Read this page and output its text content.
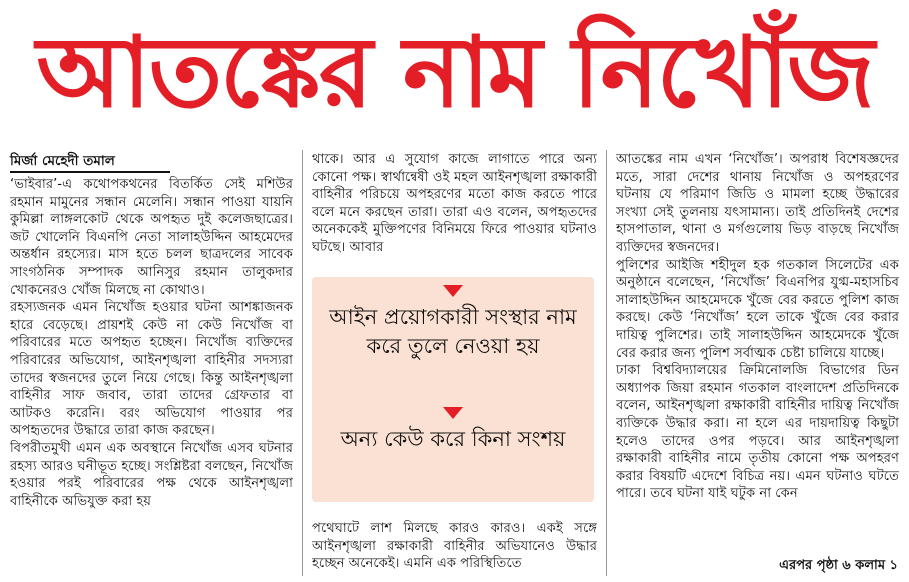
আতঙ্কের নাম নিখোঁজ
মির্জা মেহেদী তমাল

‘ভাইবার’-এ কথোপকথনের বিতর্কিত সেই মশিউর রহমান মামুনের সন্ধান মেলেনি। সন্ধান পাওয়া যায়নি কুমিল্লা লাঙ্গলকোট থেকে অপহৃত দুই কলেজছাত্রের। জট খোলেনি বিএনপি নেতা সালাহউদ্দিন আহমেদের অন্তর্ধান রহস্যের। মাস হতে চলল ছাত্রদলের সাবেক সাংগঠনিক সম্পাদক আনিসুর রহমান তালুকদার খোকনেরও খোঁজ মিলছে না কোথাও।

রহস্যজনক এমন নিখোঁজ হওয়ার ঘটনা আশঙ্কাজনক হারে বেড়েছে। প্রায়শই কেউ না কেউ নিখোঁজ বা পরিবারের মতে অপহৃত হচ্ছেন। নিখোঁজ ব্যক্তিদের পরিবারের অভিযোগ, আইনশৃঙ্খলা বাহিনীর সদস্যরা তাদের স্বজনদের তুলে নিয়ে গেছে। কিন্তু আইনশৃঙ্খলা বাহিনীর সাফ জবাব, তারা তাদের গ্রেফতার বা আটকও করেনি। বরং অভিযোগ পাওয়ার পর অপহৃতদের উদ্ধারে তারা কাজ করছেন।

বিপরীতমুখী এমন এক অবস্থানে নিখোঁজ এসব ঘটনার রহস্য আরও ঘনীভূত হচ্ছে। সংশ্লিষ্টরা বলছেন, নিখোঁজ হওয়ার পরই পরিবারের পক্ষ থেকে আইনশৃঙ্খলা বাহিনীকে অভিযুক্ত করা হয়

থাকে। আর এ সুযোগ কাজে লাগাতে পারে অন্য কোনো পক্ষ। স্বার্থান্বেষী ওই মহল আইনশৃঙ্খলা রক্ষাকারী বাহিনীর পরিচয়ে অপহরণের মতো কাজ করতে পারে বলে মনে করছেন তারা। তারা এও বলেন, অপহৃতদের অনেককেই মুক্তিপণের বিনিময়ে ফিরে পাওয়ার ঘটনাও ঘটছে। আবার

আইন প্রয়োগকারী সংস্থার নাম করে তুলে নেওয়া হয়
অন্য কেউ করে কিনা সংশয়

পথেঘাটে লাশ মিলছে কারও কারও। একই সঙ্গে আইনশৃঙ্খলা রক্ষাকারী বাহিনীর অভিযানেও উদ্ধার হচ্ছেন অনেকেই। এমনি এক পরিস্থিতিতে

আতঙ্কের নাম এখন ‘নিখোঁজ’। অপরাধ বিশেষজ্ঞদের মতে, সারা দেশের থানায় নিখোঁজ ও অপহরণের ঘটনায় যে পরিমাণ জিডি ও মামলা হচ্ছে উদ্ধারের সংখ্যা সেই তুলনায় যৎসামান্য। তাই প্রতিদিনই দেশের হাসপাতাল, থানা ও মর্গগুলোয় ভিড় বাড়ছে নিখোঁজ ব্যক্তিদের স্বজনদের।

পুলিশের আইজি শহীদুল হক গতকাল সিলেটের এক অনুষ্ঠানে বলেছেন, ‘নিখোঁজ’ বিএনপির যুগ্ম-মহাসচিব সালাহউদ্দিন আহমেদকে খুঁজে বের করতে পুলিশ কাজ করছে। কেউ ‘নিখোঁজ’ হলে তাকে খুঁজে বের করার দায়িত্ব পুলিশের। তাই সালাহউদ্দিন আহমেদকে খুঁজে বের করার জন্য পুলিশ সর্বাত্মক চেষ্টা চালিয়ে যাচ্ছে।

ঢাকা বিশ্ববিদ্যালয়ের ক্রিমিনোলজি বিভাগের ডিন অধ্যাপক জিয়া রহমান গতকাল বাংলাদেশ প্রতিদিনকে বলেন, আইনশৃঙ্খলা রক্ষাকারী বাহিনীর দায়িত্ব নিখোঁজ ব্যক্তিকে উদ্ধার করা। না হলে এর দায়দায়িত্ব কিছুটা হলেও তাদের ওপর পড়বে। আর আইনশৃঙ্খলা রক্ষাকারী বাহিনীর নামে তৃতীয় কোনো পক্ষ অপহরণ করার বিষয়টি এদেশে বিচিত্র নয়। এমন ঘটনাও ঘটতে পারে। তবে ঘটনা যাই ঘটুক না কেন

এরপর পৃষ্ঠা ৬ কলাম ১
